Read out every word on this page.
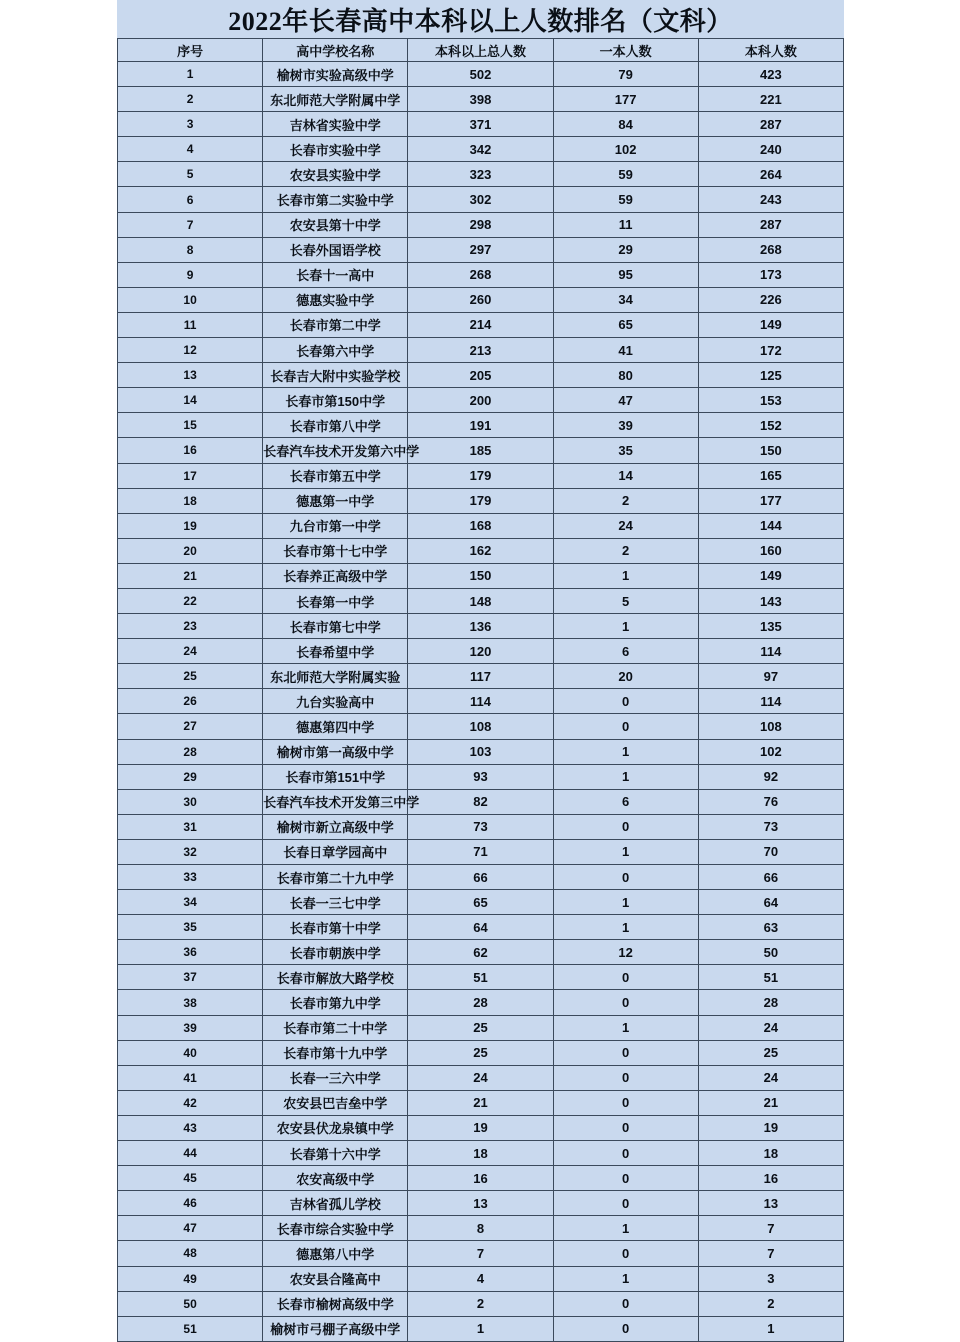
2022年长春高中本科以上人数排名（文科）				
序号	高中学校名称	本科以上总人数	一本人数	本科人数
1	榆树市实验高级中学	502	79	423
2	东北师范大学附属中学	398	177	221
3	吉林省实验中学	371	84	287
4	长春市实验中学	342	102	240
5	农安县实验中学	323	59	264
6	长春市第二实验中学	302	59	243
7	农安县第十中学	298	11	287
8	长春外国语学校	297	29	268
9	长春十一高中	268	95	173
10	德惠实验中学	260	34	226
11	长春市第二中学	214	65	149
12	长春第六中学	213	41	172
13	长春吉大附中实验学校	205	80	125
14	长春市第150中学	200	47	153
15	长春市第八中学	191	39	152
16	长春汽车技术开发第六中学	185	35	150
17	长春市第五中学	179	14	165
18	德惠第一中学	179	2	177
19	九台市第一中学	168	24	144
20	长春市第十七中学	162	2	160
21	长春养正高级中学	150	1	149
22	长春第一中学	148	5	143
23	长春市第七中学	136	1	135
24	长春希望中学	120	6	114
25	东北师范大学附属实验	117	20	97
26	九台实验高中	114	0	114
27	德惠第四中学	108	0	108
28	榆树市第一高级中学	103	1	102
29	长春市第151中学	93	1	92
30	长春汽车技术开发第三中学	82	6	76
31	榆树市新立高级中学	73	0	73
32	长春日章学园高中	71	1	70
33	长春市第二十九中学	66	0	66
34	长春一三七中学	65	1	64
35	长春市第十中学	64	1	63
36	长春市朝族中学	62	12	50
37	长春市解放大路学校	51	0	51
38	长春市第九中学	28	0	28
39	长春市第二十中学	25	1	24
40	长春市第十九中学	25	0	25
41	长春一三六中学	24	0	24
42	农安县巴吉垒中学	21	0	21
43	农安县伏龙泉镇中学	19	0	19
44	长春第十六中学	18	0	18
45	农安高级中学	16	0	16
46	吉林省孤儿学校	13	0	13
47	长春市综合实验中学	8	1	7
48	德惠第八中学	7	0	7
49	农安县合隆高中	4	1	3
50	长春市榆树高级中学	2	0	2
51	榆树市弓棚子高级中学	1	0	1
